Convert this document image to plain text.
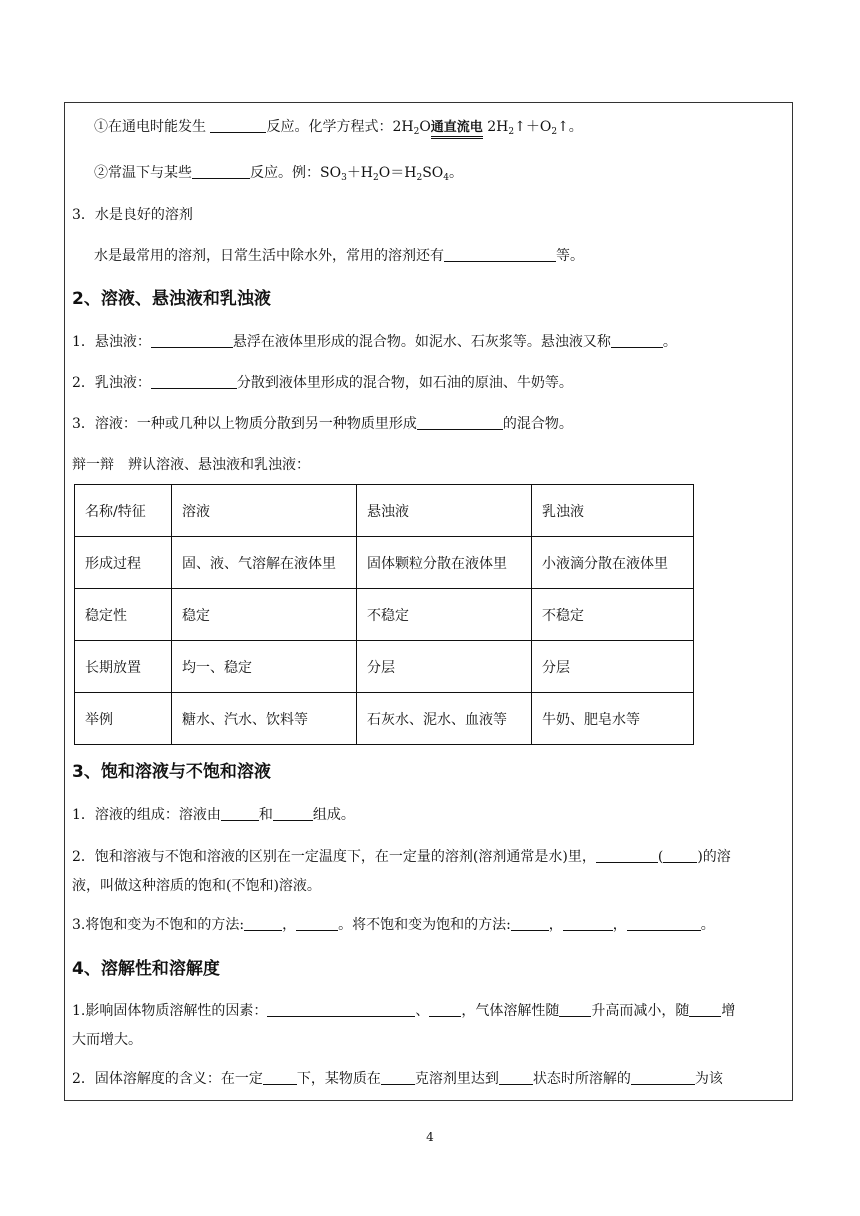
①在通电时能发生	反应。化学方程式：$2H_2O$通直流电 $2H_2↑+O_2↑$。
②常温下与某些	反应。例：$SO_3+H_2O=H_2SO_4$。
3．水是良好的溶剂
水是最常用的溶剂，日常生活中除水外，常用的溶剂还有	等。
2、溶液、悬浊液和乳浊液
1．悬浊液：	悬浮在液体里形成的混合物。如泥水、石灰浆等。悬浊液又称	。
2．乳浊液：	分散到液体里形成的混合物，如石油的原油、牛奶等。
3．溶液：一种或几种以上物质分散到另一种物质里形成	的混合物。
辩一辩　辨认溶液、悬浊液和乳浊液：
名称/特征	溶液	悬浊液	乳浊液
形成过程	固、液、气溶解在液体里	固体颗粒分散在液体里	小液滴分散在液体里
稳定性	稳定	不稳定	不稳定
长期放置	均一、稳定	分层	分层
举例	糖水、汽水、饮料等	石灰水、泥水、血液等	牛奶、肥皂水等
3、饱和溶液与不饱和溶液
1．溶液的组成：溶液由	和	组成。
2．饱和溶液与不饱和溶液的区别在一定温度下，在一定量的溶剂(溶剂通常是水)里，	( )的溶
液，叫做这种溶质的饱和(不饱和)溶液。
3.将饱和变为不饱和的方法:	，	。将不饱和变为饱和的方法:	，	，	。
4、溶解性和溶解度
1.影响固体物质溶解性的因素：	、 ，气体溶解性随 升高而减小，随 增
大而增大。
2．固体溶解度的含义：在一定 下，某物质在 克溶剂里达到 状态时所溶解的	为该
4
